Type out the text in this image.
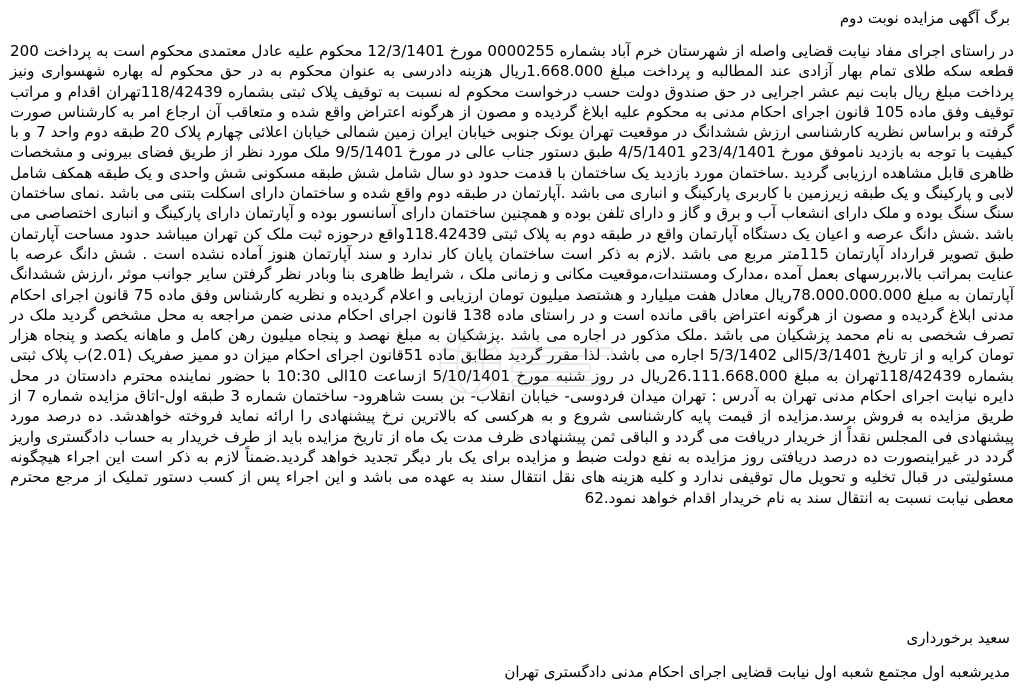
برگ آگهی مزایده نوبت دوم
در راستای اجرای مفاد نیابت قضایی واصله از شهرستان خرم آباد بشماره 0000255 مورخ 12/3/1401 محکوم علیه عادل معتمدی محکوم است به پرداخت 200 قطعه سکه طلای تمام بهار آزادی عند المطالبه و پرداخت مبلغ 1.668.000ریال هزینه دادرسی به عنوان محکوم به در حق محکوم له بهاره شهسواری ونیز پرداخت مبلغ ریال بابت نیم عشر اجرایی در حق صندوق دولت حسب درخواست محکوم له نسبت به توقیف پلاک ثبتی بشماره 118/42439تهران اقدام و مراتب توقیف وفق ماده 105 قانون اجرای احکام مدنی به محکوم علیه ابلاغ گردیده و مصون از هرگونه اعتراض واقع شده و متعاقب آن ارجاع امر به کارشناس صورت گرفته و براساس نظریه کارشناسی ارزش ششدانگ در موقعیت تهران یونک جنوبی خیابان ایران زمین شمالی خیابان اعلائی چهارم پلاک 20 طبقه دوم واحد 7 و با کیفیت با توجه به بازدید ناموفق مورخ 23/4/1401و 4/5/1401 طبق دستور جناب عالی در مورخ 9/5/1401 ملک مورد نظر از طریق فضای بیرونی و مشخصات ظاهری قابل مشاهده ارزیابی گردید .ساختمان مورد بازدید یک ساختمان با قدمت حدود دو سال شامل شش طبقه مسکونی شش واحدی و یک طبقه همکف شامل لابی و پارکینگ و یک طبقه زیرزمین با کاربری پارکینگ و انباری می باشد .آپارتمان در طبقه دوم واقع شده و ساختمان دارای اسکلت بتنی می باشد .نمای ساختمان سنگ سنگ بوده و ملک دارای انشعاب آب و برق و گاز و دارای تلفن بوده و همچنین ساختمان دارای آسانسور بوده و آپارتمان دارای پارکینگ و انباری اختصاصی می باشد .شش دانگ عرصه و اعیان یک دستگاه آپارتمان واقع در طبقه دوم به پلاک ثبتی 118.42439واقع درحوزه ثبت ملک کن تهران میباشد حدود مساحت آپارتمان طبق تصویر قرارداد آپارتمان 115متر مربع می باشد .لازم به ذکر است ساختمان پایان کار ندارد و سند آپارتمان هنوز آماده نشده است . شش دانگ عرصه با عنایت بمراتب بالا،بررسهای بعمل آمده ،مدارک ومستندات،موقعیت مکانی و زمانی ملک ، شرایط ظاهری بنا وبادر نظر گرفتن سایر جوانب موثر ،ارزش ششدانگ آپارتمان به مبلغ 78.000.000.000ریال معادل هفت میلیارد و هشتصد میلیون تومان ارزیابی و اعلام گردیده و نظریه کارشناس وفق ماده 75 قانون اجرای احکام مدنی ابلاغ گردیده و مصون از هرگونه اعتراض باقی مانده است و در راستای ماده 138 قانون اجرای احکام مدنی ضمن مراجعه به محل مشخص گردید ملک در تصرف شخصی به نام محمد پزشکیان می باشد .ملک مذکور در اجاره می باشد .پزشکیان به مبلغ نهصد و پنجاه میلیون رهن کامل و ماهانه یکصد و پنجاه هزار تومان کرایه و از تاریخ 5/3/1401الی 5/3/1402 اجاره می باشد. لذا مقرر گردید مطابق ماده 51قانون اجرای احکام میزان دو ممیز صفریک (2.01)ب پلاک ثبتی بشماره 118/42439تهران به مبلغ 26.111.668.000ریال در روز شنبه مورخ 5/10/1401 ازساعت 10الی 10:30 با حضور نماینده محترم دادستان در محل دایره نیابت اجرای احکام مدنی تهران به آدرس : تهران میدان فردوسی- خیابان انقلاب- بن بست شاهرود- ساختمان شماره 3 طبقه اول-اتاق مزایده شماره 7 از طریق مزایده به فروش برسد.مزایده از قیمت پایه کارشناسی شروع و به هرکسی که بالاترین نرخ پیشنهادی را ارائه نماید فروخته خواهدشد. ده درصد مورد پیشنهادی فی المجلس نقداً از خریدار دریافت می گردد و الباقی ثمن پیشنهادی ظرف مدت یک ماه از تاریخ مزایده باید از طرف خریدار به حساب دادگستری واریز گردد در غیراینصورت ده درصد دریافتی روز مزایده به نفع دولت ضبط و مزایده برای یک بار دیگر تجدید خواهد گردید.ضمناً لازم به ذکر است این اجراء هیچگونه مسئولیتی در قبال تخلیه و تحویل مال توقیفی ندارد و کلیه هزینه های نقل انتقال سند به عهده می باشد و این اجراء پس از کسب دستور تملیک از مرجع محترم معطی نیابت نسبت به انتقال سند به نام خریدار اقدام خواهد نمود.62
سعید برخورداری
مدیرشعبه اول مجتمع شعبه اول نیابت قضایی اجرای احکام مدنی دادگستری تهران
